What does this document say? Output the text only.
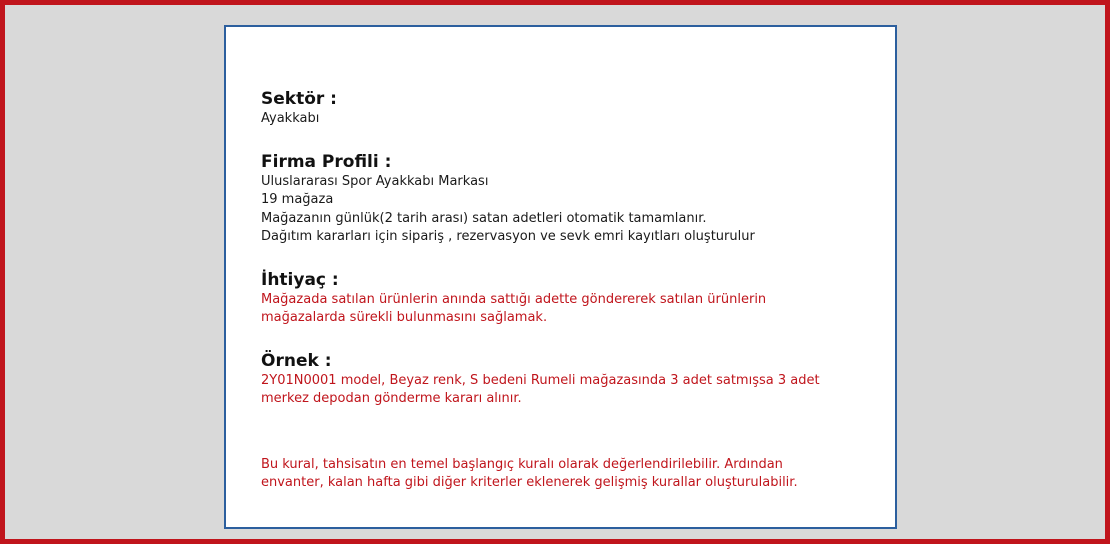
Sektör :

Ayakkabı

Firma Profili :

Uluslararası Spor Ayakkabı Markası

19 mağaza

Mağazanın günlük(2 tarih arası) satan adetleri otomatik tamamlanır.

Dağıtım kararları için sipariş , rezervasyon ve sevk emri kayıtları oluşturulur

İhtiyaç :

Mağazada satılan ürünlerin anında sattığı adette göndererek satılan ürünlerin

mağazalarda sürekli bulunmasını sağlamak.

Örnek :

2Y01N0001 model, Beyaz renk, S bedeni Rumeli mağazasında 3 adet satmışsa 3 adet

merkez depodan gönderme kararı alınır.

Bu kural, tahsisatın en temel başlangıç kuralı olarak değerlendirilebilir. Ardından

envanter, kalan hafta gibi diğer kriterler eklenerek gelişmiş kurallar oluşturulabilir.
